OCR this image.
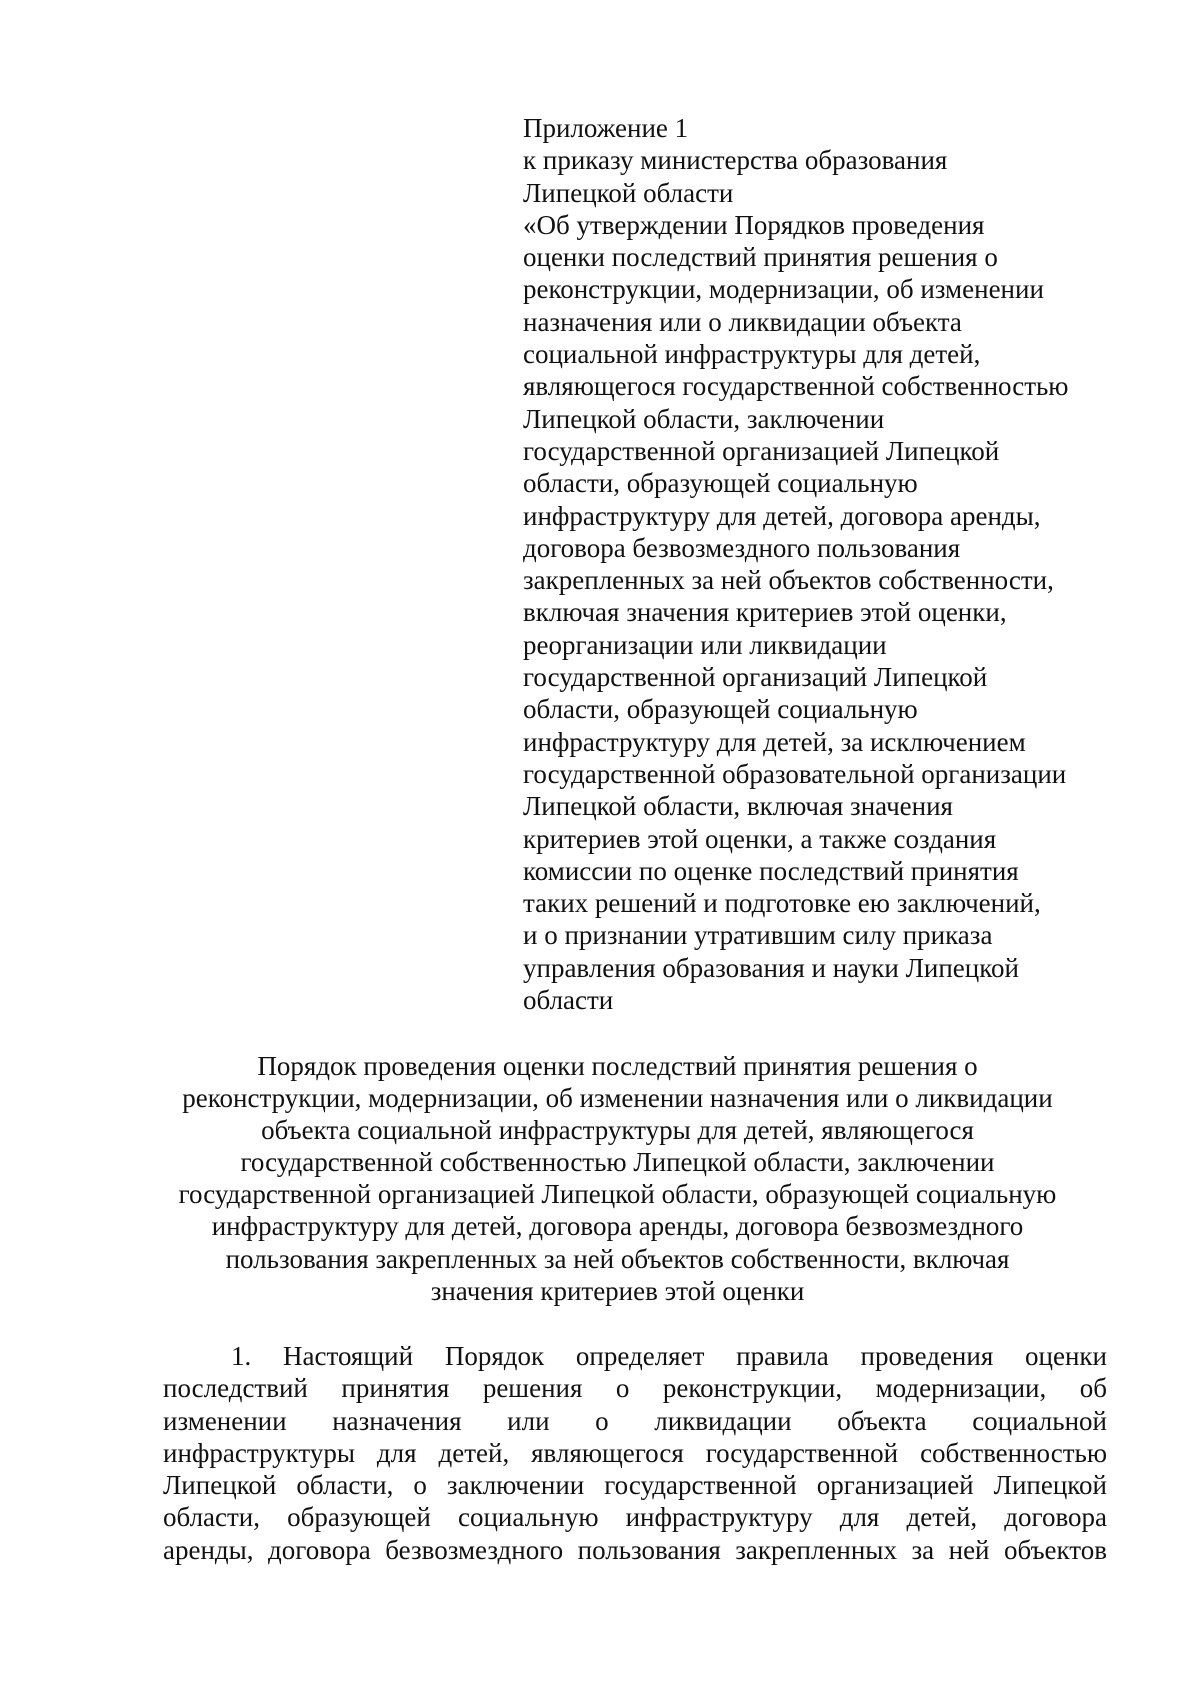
Приложение 1
к приказу министерства образования
Липецкой области
«Об утверждении Порядков проведения
оценки последствий принятия решения о
реконструкции, модернизации, об изменении
назначения или о ликвидации объекта
социальной инфраструктуры для детей,
являющегося государственной собственностью
Липецкой области, заключении
государственной организацией Липецкой
области, образующей социальную
инфраструктуру для детей, договора аренды,
договора безвозмездного пользования
закрепленных за ней объектов собственности,
включая значения критериев этой оценки,
реорганизации или ликвидации
государственной организаций Липецкой
области, образующей социальную
инфраструктуру для детей, за исключением
государственной образовательной организации
Липецкой области, включая значения
критериев этой оценки, а также создания
комиссии по оценке последствий принятия
таких решений и подготовке ею заключений,
и о признании утратившим силу приказа
управления образования и науки Липецкой
области
Порядок проведения оценки последствий принятия решения о
реконструкции, модернизации, об изменении назначения или о ликвидации
объекта социальной инфраструктуры для детей, являющегося
государственной собственностью Липецкой области, заключении
государственной организацией Липецкой области, образующей социальную
инфраструктуру для детей, договора аренды, договора безвозмездного
пользования закрепленных за ней объектов собственности, включая
значения критериев этой оценки
1. Настоящий Порядок определяет правила проведения оценки
последствий принятия решения о реконструкции, модернизации, об
изменении назначения или о ликвидации объекта социальной
инфраструктуры для детей, являющегося государственной собственностью
Липецкой области, о заключении государственной организацией Липецкой
области, образующей социальную инфраструктуру для детей, договора
аренды, договора безвозмездного пользования закрепленных за ней объектов
